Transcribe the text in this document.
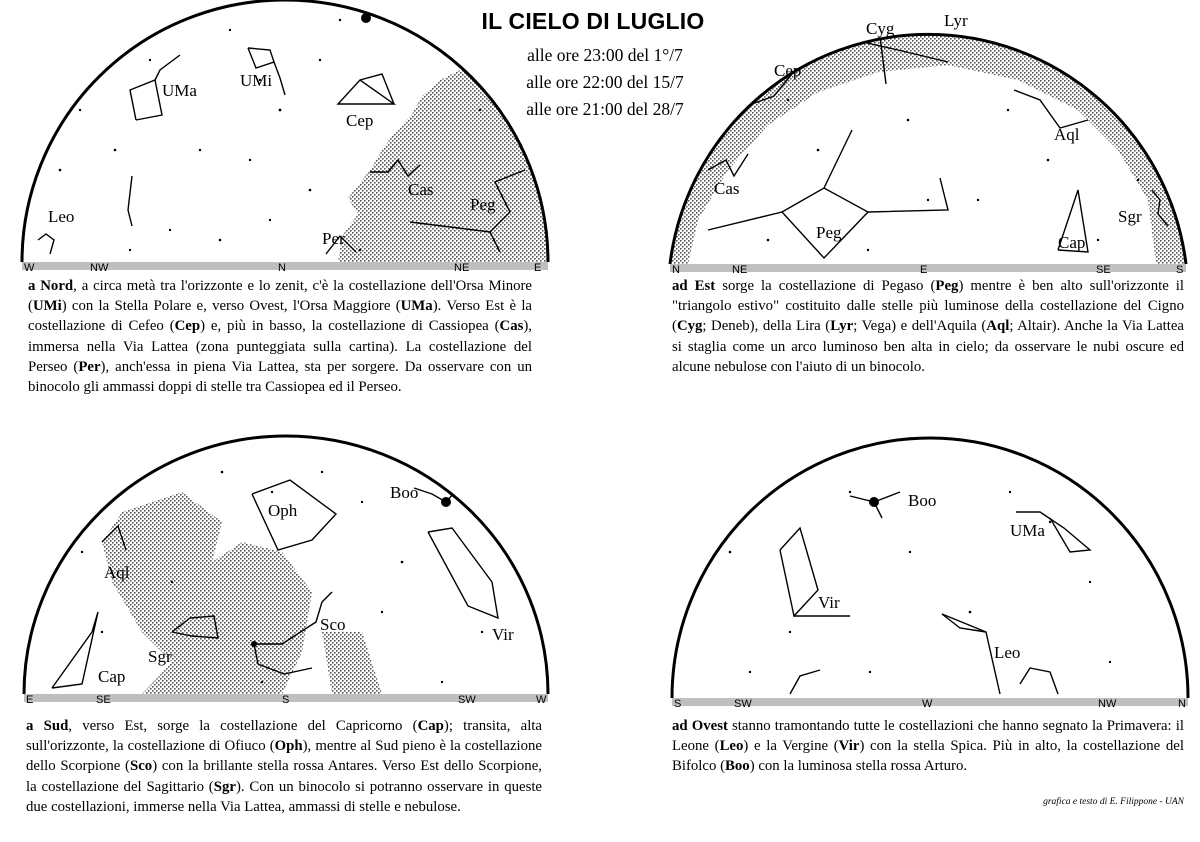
IL CIELO DI LUGLIO
alle ore 23:00 del 1°/7
alle ore 22:00 del 15/7
alle ore 21:00 del 28/7
W	NW	N	NE	E
UMa
UMi
Cep
Cas
Leo
Peg
Per
a Nord, a circa metà tra l'orizzonte e lo zenit, c'è la costellazione dell'Orsa Minore (UMi) con la Stella Polare e, verso Ovest, l'Orsa Maggiore (UMa). Verso Est è la costellazione di Cefeo (Cep) e, più in basso, la costellazione di Cassiopea (Cas), immersa nella Via Lattea (zona punteggiata sulla cartina). La costellazione del Perseo (Per), anch'essa in piena Via Lattea, sta per sorgere. Da osservare con un binocolo gli ammassi doppi di stelle tra Cassiopea ed il Perseo.
N	NE	E	SE	S
Cyg	Lyr
Cep
Aql
Cas
Peg
Sgr
Cap
ad Est sorge la costellazione di Pegaso (Peg) mentre è ben alto sull'orizzonte il "triangolo estivo" costituito dalle stelle più luminose della costellazione del Cigno (Cyg; Deneb), della Lira (Lyr; Vega) e dell'Aquila (Aql; Altair). Anche la Via Lattea si staglia come un arco luminoso ben alta in cielo; da osservare le nubi oscure ed alcune nebulose con l'aiuto di un binocolo.
E	SE	S	SW	W
Oph
Boo
Aql
Sco
Sgr
Vir
Cap
a Sud, verso Est, sorge la costellazione del Capricorno (Cap); transita, alta sull'orizzonte, la costellazione di Ofiuco (Oph), mentre al Sud pieno è la costellazione dello Scorpione (Sco) con la brillante stella rossa Antares. Verso Est dello Scorpione, la costellazione del Sagittario (Sgr). Con un binocolo si potranno osservare in queste due costellazioni, immerse nella Via Lattea, ammassi di stelle e nebulose.
S	SW	W	NW	N
Boo
UMa
Vir
Leo
ad Ovest stanno tramontando tutte le costellazioni che hanno segnato la Primavera: il Leone (Leo) e la Vergine (Vir) con la stella Spica. Più in alto, la costellazione del Bifolco (Boo) con la luminosa stella rossa Arturo.
grafica e testo di E. Filippone - UAN
